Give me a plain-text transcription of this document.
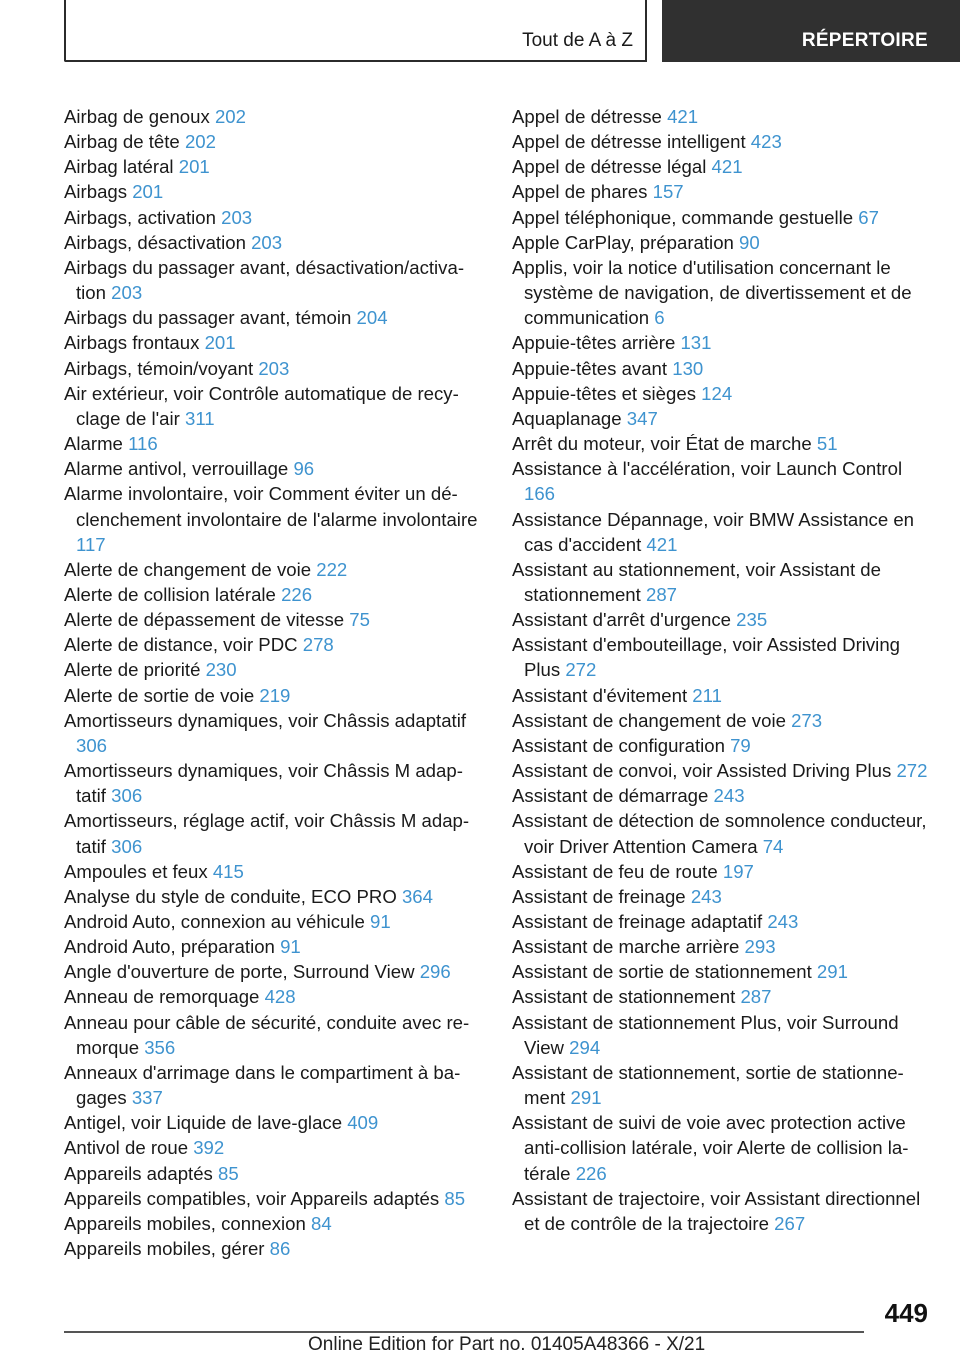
Tout de A à Z	RÉPERTOIRE
Airbag de genoux 202
Airbag de tête 202
Airbag latéral 201
Airbags 201
Airbags, activation 203
Airbags, désactivation 203
Airbags du passager avant, désactivation/activation 203
Airbags du passager avant, témoin 204
Airbags frontaux 201
Airbags, témoin/voyant 203
Air extérieur, voir Contrôle automatique de recyclage de l'air 311
Alarme 116
Alarme antivol, verrouillage 96
Alarme involontaire, voir Comment éviter un déclenchement involontaire de l'alarme involontaire 117
Alerte de changement de voie 222
Alerte de collision latérale 226
Alerte de dépassement de vitesse 75
Alerte de distance, voir PDC 278
Alerte de priorité 230
Alerte de sortie de voie 219
Amortisseurs dynamiques, voir Châssis adaptatif 306
Amortisseurs dynamiques, voir Châssis M adaptatif 306
Amortisseurs, réglage actif, voir Châssis M adaptatif 306
Ampoules et feux 415
Analyse du style de conduite, ECO PRO 364
Android Auto, connexion au véhicule 91
Android Auto, préparation 91
Angle d'ouverture de porte, Surround View 296
Anneau de remorquage 428
Anneau pour câble de sécurité, conduite avec remorque 356
Anneaux d'arrimage dans le compartiment à bagages 337
Antigel, voir Liquide de lave-glace 409
Antivol de roue 392
Appareils adaptés 85
Appareils compatibles, voir Appareils adaptés 85
Appareils mobiles, connexion 84
Appareils mobiles, gérer 86
Appel de détresse 421
Appel de détresse intelligent 423
Appel de détresse légal 421
Appel de phares 157
Appel téléphonique, commande gestuelle 67
Apple CarPlay, préparation 90
Applis, voir la notice d'utilisation concernant le système de navigation, de divertissement et de communication 6
Appuie-têtes arrière 131
Appuie-têtes avant 130
Appuie-têtes et sièges 124
Aquaplanage 347
Arrêt du moteur, voir État de marche 51
Assistance à l'accélération, voir Launch Control 166
Assistance Dépannage, voir BMW Assistance en cas d'accident 421
Assistant au stationnement, voir Assistant de stationnement 287
Assistant d'arrêt d'urgence 235
Assistant d'embouteillage, voir Assisted Driving Plus 272
Assistant d'évitement 211
Assistant de changement de voie 273
Assistant de configuration 79
Assistant de convoi, voir Assisted Driving Plus 272
Assistant de démarrage 243
Assistant de détection de somnolence conducteur, voir Driver Attention Camera 74
Assistant de feu de route 197
Assistant de freinage 243
Assistant de freinage adaptatif 243
Assistant de marche arrière 293
Assistant de sortie de stationnement 291
Assistant de stationnement 287
Assistant de stationnement Plus, voir Surround View 294
Assistant de stationnement, sortie de stationnement 291
Assistant de suivi de voie avec protection active anti-collision latérale, voir Alerte de collision latérale 226
Assistant de trajectoire, voir Assistant directionnel et de contrôle de la trajectoire 267
449
Online Edition for Part no. 01405A48366 - X/21
